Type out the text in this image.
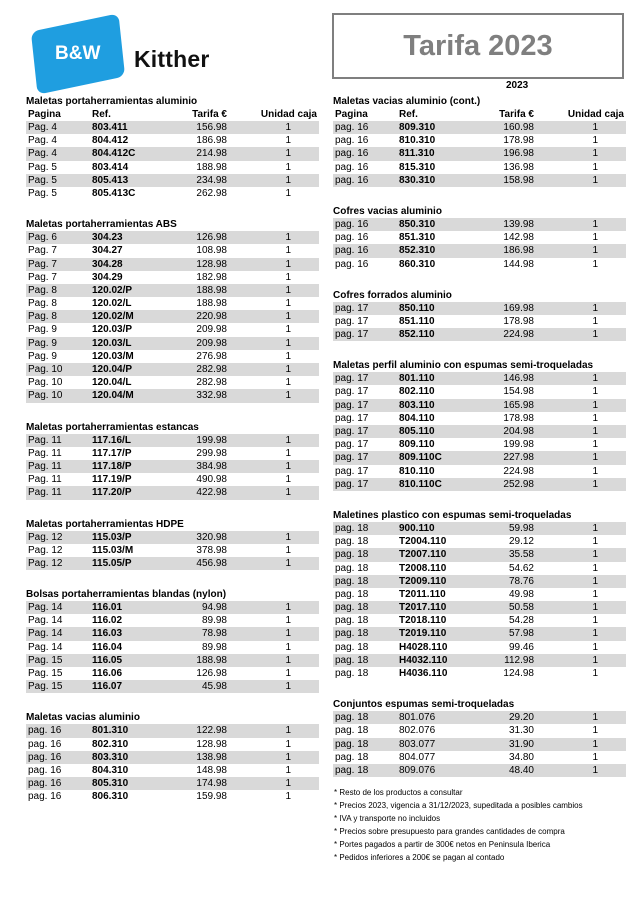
B&W Kitther	Tarifa 2023
2023
Maletas portaherramientas aluminio
Pagina	Ref.	Tarifa €	Unidad caja
Pag. 4	803.411	156.98	1
Pag. 4	804.412	186.98	1
Pag. 4	804.412C	214.98	1
Pag. 5	803.414	188.98	1
Pag. 5	805.413	234.98	1
Pag. 5	805.413C	262.98	1
Maletas portaherramientas ABS
Pag. 6	304.23	126.98	1
Pag. 7	304.27	108.98	1
Pag. 7	304.28	128.98	1
Pag. 7	304.29	182.98	1
Pag. 8	120.02/P	188.98	1
Pag. 8	120.02/L	188.98	1
Pag. 8	120.02/M	220.98	1
Pag. 9	120.03/P	209.98	1
Pag. 9	120.03/L	209.98	1
Pag. 9	120.03/M	276.98	1
Pag. 10	120.04/P	282.98	1
Pag. 10	120.04/L	282.98	1
Pag. 10	120.04/M	332.98	1
Maletas portaherramientas estancas
Pag. 11	117.16/L	199.98	1
Pag. 11	117.17/P	299.98	1
Pag. 11	117.18/P	384.98	1
Pag. 11	117.19/P	490.98	1
Pag. 11	117.20/P	422.98	1
Maletas portaherramientas HDPE
Pag. 12	115.03/P	320.98	1
Pag. 12	115.03/M	378.98	1
Pag. 12	115.05/P	456.98	1
Bolsas portaherramientas blandas (nylon)
Pag. 14	116.01	94.98	1
Pag. 14	116.02	89.98	1
Pag. 14	116.03	78.98	1
Pag. 14	116.04	89.98	1
Pag. 15	116.05	188.98	1
Pag. 15	116.06	126.98	1
Pag. 15	116.07	45.98	1
Maletas vacias aluminio
pag. 16	801.310	122.98	1
pag. 16	802.310	128.98	1
pag. 16	803.310	138.98	1
pag. 16	804.310	148.98	1
pag. 16	805.310	174.98	1
pag. 16	806.310	159.98	1
Maletas vacias aluminio (cont.)
Pagina	Ref.	Tarifa €	Unidad caja
pag. 16	809.310	160.98	1
pag. 16	810.310	178.98	1
pag. 16	811.310	196.98	1
pag. 16	815.310	136.98	1
pag. 16	830.310	158.98	1
Cofres vacias aluminio
pag. 16	850.310	139.98	1
pag. 16	851.310	142.98	1
pag. 16	852.310	186.98	1
pag. 16	860.310	144.98	1
Cofres forrados aluminio
pag. 17	850.110	169.98	1
pag. 17	851.110	178.98	1
pag. 17	852.110	224.98	1
Maletas perfil aluminio con espumas semi-troqueladas
pag. 17	801.110	146.98	1
pag. 17	802.110	154.98	1
pag. 17	803.110	165.98	1
pag. 17	804.110	178.98	1
pag. 17	805.110	204.98	1
pag. 17	809.110	199.98	1
pag. 17	809.110C	227.98	1
pag. 17	810.110	224.98	1
pag. 17	810.110C	252.98	1
Maletines plastico con espumas semi-troqueladas
pag. 18	900.110	59.98	1
pag. 18	T2004.110	29.12	1
pag. 18	T2007.110	35.58	1
pag. 18	T2008.110	54.62	1
pag. 18	T2009.110	78.76	1
pag. 18	T2011.110	49.98	1
pag. 18	T2017.110	50.58	1
pag. 18	T2018.110	54.28	1
pag. 18	T2019.110	57.98	1
pag. 18	H4028.110	99.46	1
pag. 18	H4032.110	112.98	1
pag. 18	H4036.110	124.98	1
Conjuntos espumas semi-troqueladas
pag. 18	801.076	29.20	1
pag. 18	802.076	31.30	1
pag. 18	803.077	31.90	1
pag. 18	804.077	34.80	1
pag. 18	809.076	48.40	1
* Resto de los productos a consultar
* Precios 2023, vigencia a 31/12/2023, supeditada a posibles cambios
* IVA y transporte no incluidos
* Precios sobre presupuesto para grandes cantidades de compra
* Portes pagados a partir de 300€ netos en Peninsula Iberica
* Pedidos inferiores a 200€ se pagan al contado
